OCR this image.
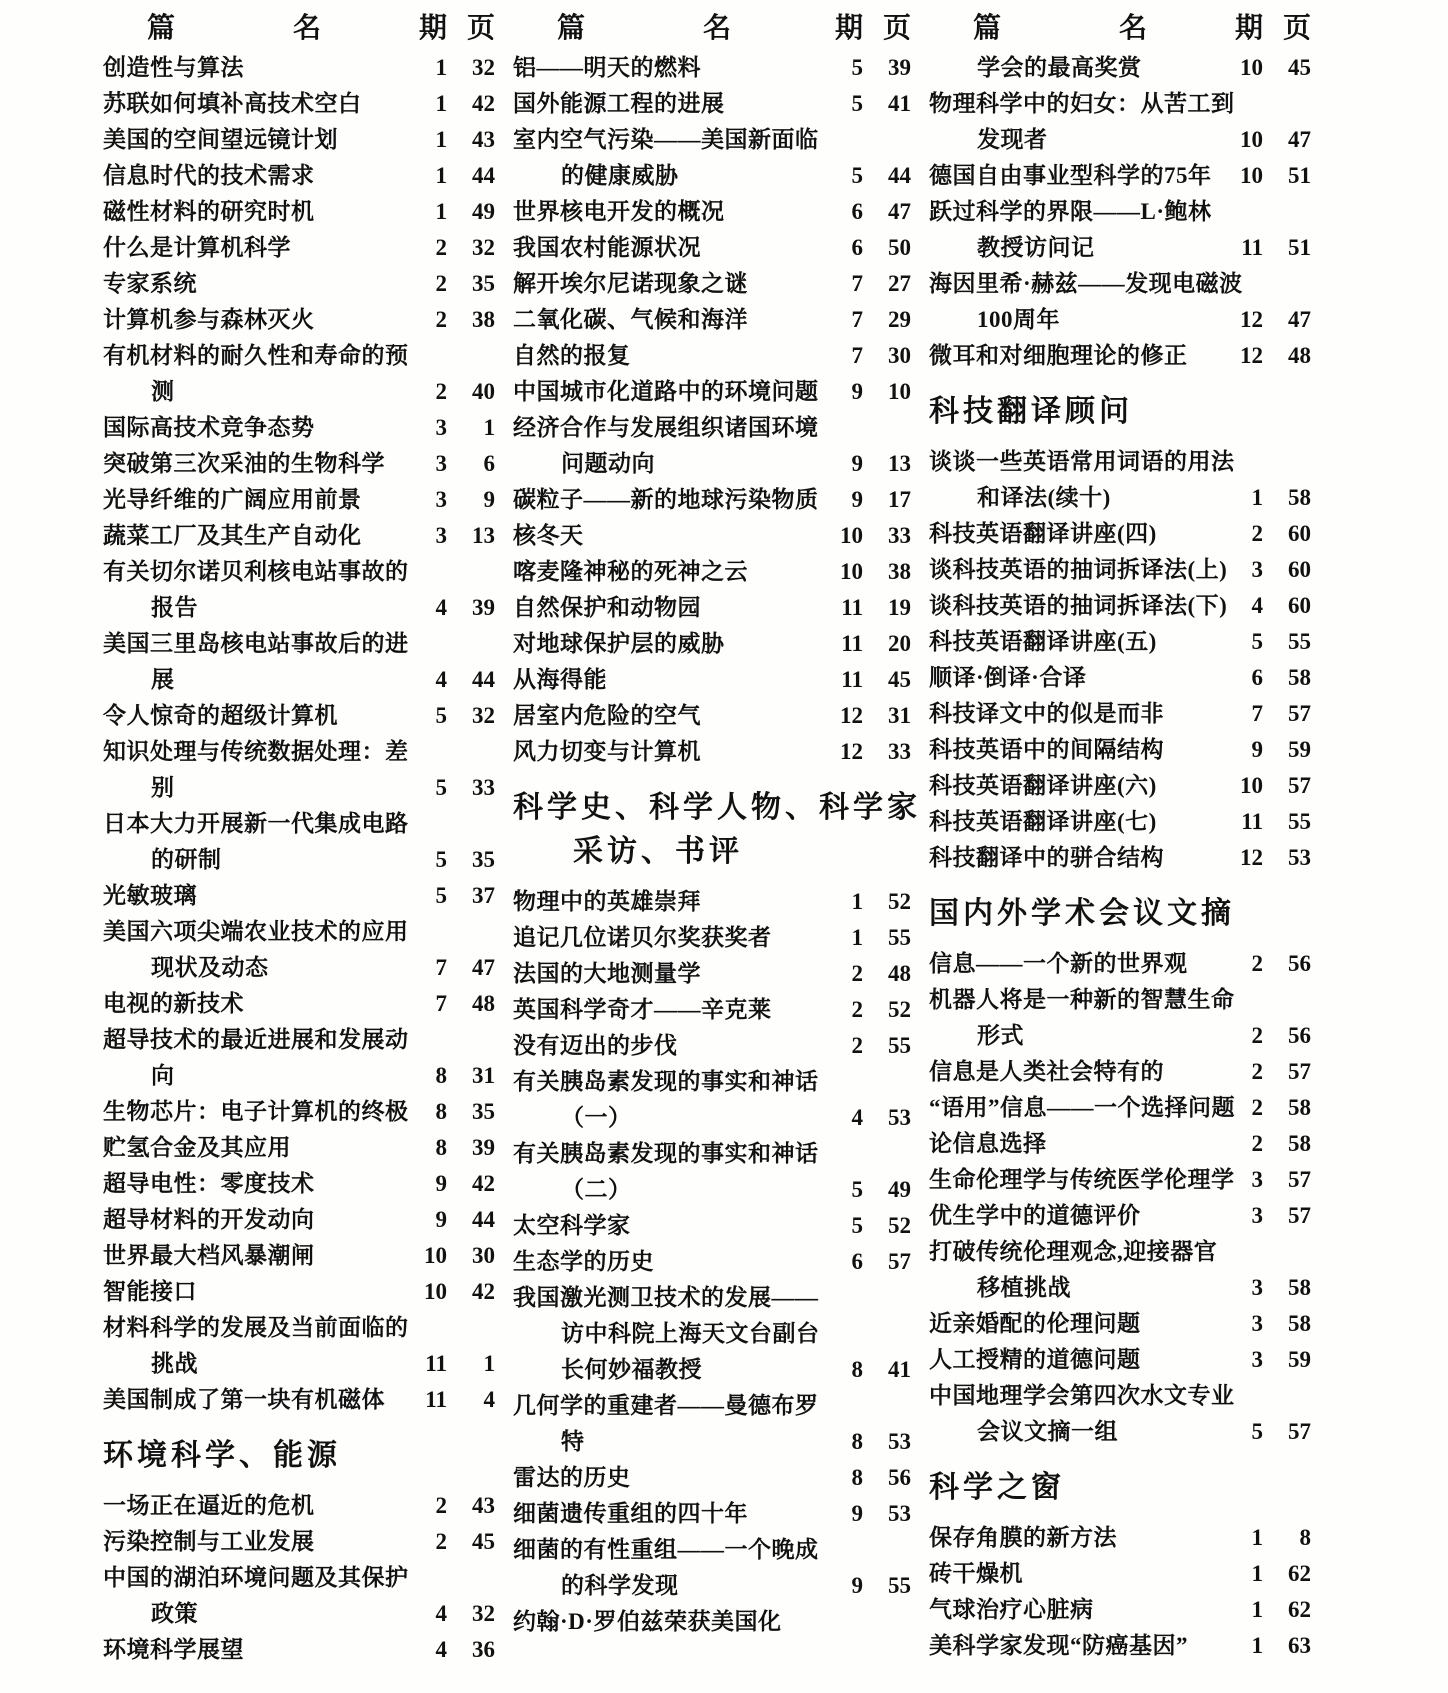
篇	名	期 页
创造性与算法	1	32
苏联如何填补高技术空白	1	42
美国的空间望远镜计划	1	43
信息时代的技术需求	1	44
磁性材料的研究时机	1	49
什么是计算机科学	2	32
专家系统	2	35
计算机参与森林灭火	2	38
有机材料的耐久性和寿命的预
测	2	40
国际高技术竞争态势	3	1
突破第三次采油的生物科学	3	6
光导纤维的广阔应用前景	3	9
蔬菜工厂及其生产自动化	3	13
有关切尔诺贝利核电站事故的
报告	4	39
美国三里岛核电站事故后的进
展	4	44
令人惊奇的超级计算机	5	32
知识处理与传统数据处理：差
别	5	33
日本大力开展新一代集成电路
的研制	5	35
光敏玻璃	5	37
美国六项尖端农业技术的应用
现状及动态	7	47
电视的新技术	7	48
超导技术的最近进展和发展动
向	8	31
生物芯片：电子计算机的终极	8	35
贮氢合金及其应用	8	39
超导电性：零度技术	9	42
超导材料的开发动向	9	44
世界最大档风暴潮闸	10	30
智能接口	10	42
材料科学的发展及当前面临的
挑战	11	1
美国制成了第一块有机磁体	11	4
环境科学、能源
一场正在逼近的危机	2	43
污染控制与工业发展	2	45
中国的湖泊环境问题及其保护
政策	4	32
环境科学展望	4	36
篇	名	期 页
铝——明天的燃料	5	39
国外能源工程的进展	5	41
室内空气污染——美国新面临
的健康威胁	5	44
世界核电开发的概况	6	47
我国农村能源状况	6	50
解开埃尔尼诺现象之谜	7	27
二氧化碳、气候和海洋	7	29
自然的报复	7	30
中国城市化道路中的环境问题	9	10
经济合作与发展组织诸国环境
问题动向	9	13
碳粒子——新的地球污染物质	9	17
核冬天	10	33
喀麦隆神秘的死神之云	10	38
自然保护和动物园	11	19
对地球保护层的威胁	11	20
从海得能	11	45
居室内危险的空气	12	31
风力切变与计算机	12	33
科学史、科学人物、科学家
采访、书评
物理中的英雄崇拜	1	52
追记几位诺贝尔奖获奖者	1	55
法国的大地测量学	2	48
英国科学奇才——辛克莱	2	52
没有迈出的步伐	2	55
有关胰岛素发现的事实和神话
（一）	4	53
有关胰岛素发现的事实和神话
（二）	5	49
太空科学家	5	52
生态学的历史	6	57
我国激光测卫技术的发展——
访中科院上海天文台副台
长何妙福教授	8	41
几何学的重建者——曼德布罗
特	8	53
雷达的历史	8	56
细菌遗传重组的四十年	9	53
细菌的有性重组——一个晚成
的科学发现	9	55
约翰·D·罗伯兹荣获美国化
篇	名	期 页
学会的最高奖赏	10	45
物理科学中的妇女：从苦工到
发现者	10	47
德国自由事业型科学的75年	10	51
跃过科学的界限——L·鲍林
教授访问记	11	51
海因里希·赫兹——发现电磁波
100周年	12	47
微耳和对细胞理论的修正	12	48
科技翻译顾问
谈谈一些英语常用词语的用法
和译法(续十)	1	58
科技英语翻译讲座(四)	2	60
谈科技英语的抽词拆译法(上)	3	60
谈科技英语的抽词拆译法(下)	4	60
科技英语翻译讲座(五)	5	55
顺译·倒译·合译	6	58
科技译文中的似是而非	7	57
科技英语中的间隔结构	9	59
科技英语翻译讲座(六)	10	57
科技英语翻译讲座(七)	11	55
科技翻译中的骈合结构	12	53
国内外学术会议文摘
信息——一个新的世界观	2	56
机器人将是一种新的智慧生命
形式	2	56
信息是人类社会特有的	2	57
“语用”信息——一个选择问题 2	58
论信息选择	2	58
生命伦理学与传统医学伦理学 3	57
优生学中的道德评价	3	57
打破传统伦理观念,迎接器官
移植挑战	3	58
近亲婚配的伦理问题	3	58
人工授精的道德问题	3	59
中国地理学会第四次水文专业
会议文摘一组	5	57
科学之窗
保存角膜的新方法	1	8
砖干燥机	1	62
气球治疗心脏病	1	62
美科学家发现“防癌基因”	1	63
